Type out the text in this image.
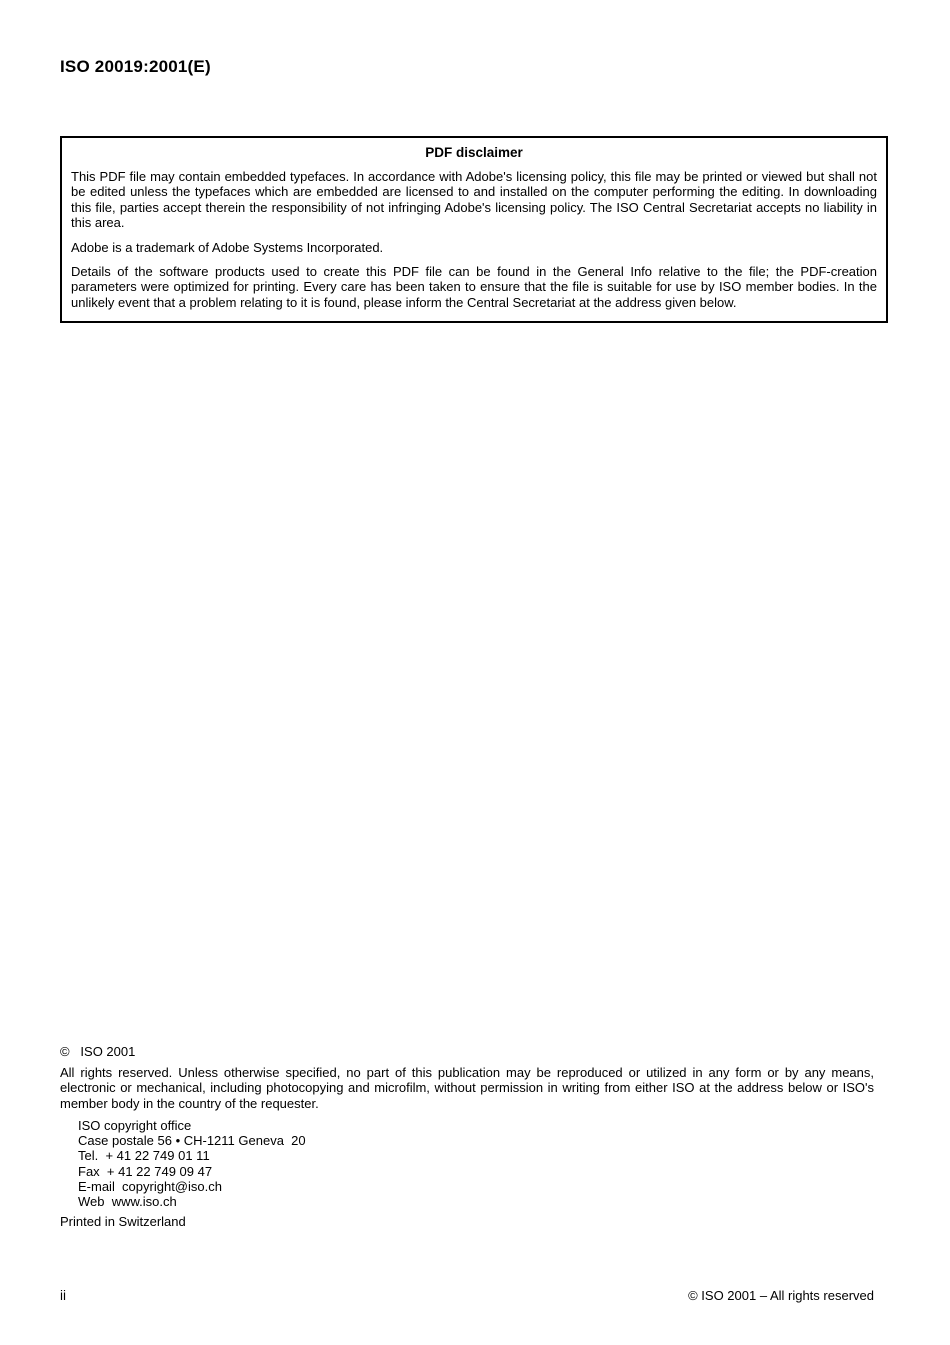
ISO 20019:2001(E)
PDF disclaimer

This PDF file may contain embedded typefaces. In accordance with Adobe's licensing policy, this file may be printed or viewed but shall not be edited unless the typefaces which are embedded are licensed to and installed on the computer performing the editing. In downloading this file, parties accept therein the responsibility of not infringing Adobe's licensing policy. The ISO Central Secretariat accepts no liability in this area.

Adobe is a trademark of Adobe Systems Incorporated.

Details of the software products used to create this PDF file can be found in the General Info relative to the file; the PDF-creation parameters were optimized for printing. Every care has been taken to ensure that the file is suitable for use by ISO member bodies. In the unlikely event that a problem relating to it is found, please inform the Central Secretariat at the address given below.

©   ISO 2001

All rights reserved. Unless otherwise specified, no part of this publication may be reproduced or utilized in any form or by any means, electronic or mechanical, including photocopying and microfilm, without permission in writing from either ISO at the address below or ISO's member body in the country of the requester.

ISO copyright office
Case postale 56 • CH-1211 Geneva  20
Tel.  + 41 22 749 01 11
Fax  + 41 22 749 09 47
E-mail  copyright@iso.ch
Web  www.iso.ch
Printed in Switzerland
ii	© ISO 2001 – All rights reserved
